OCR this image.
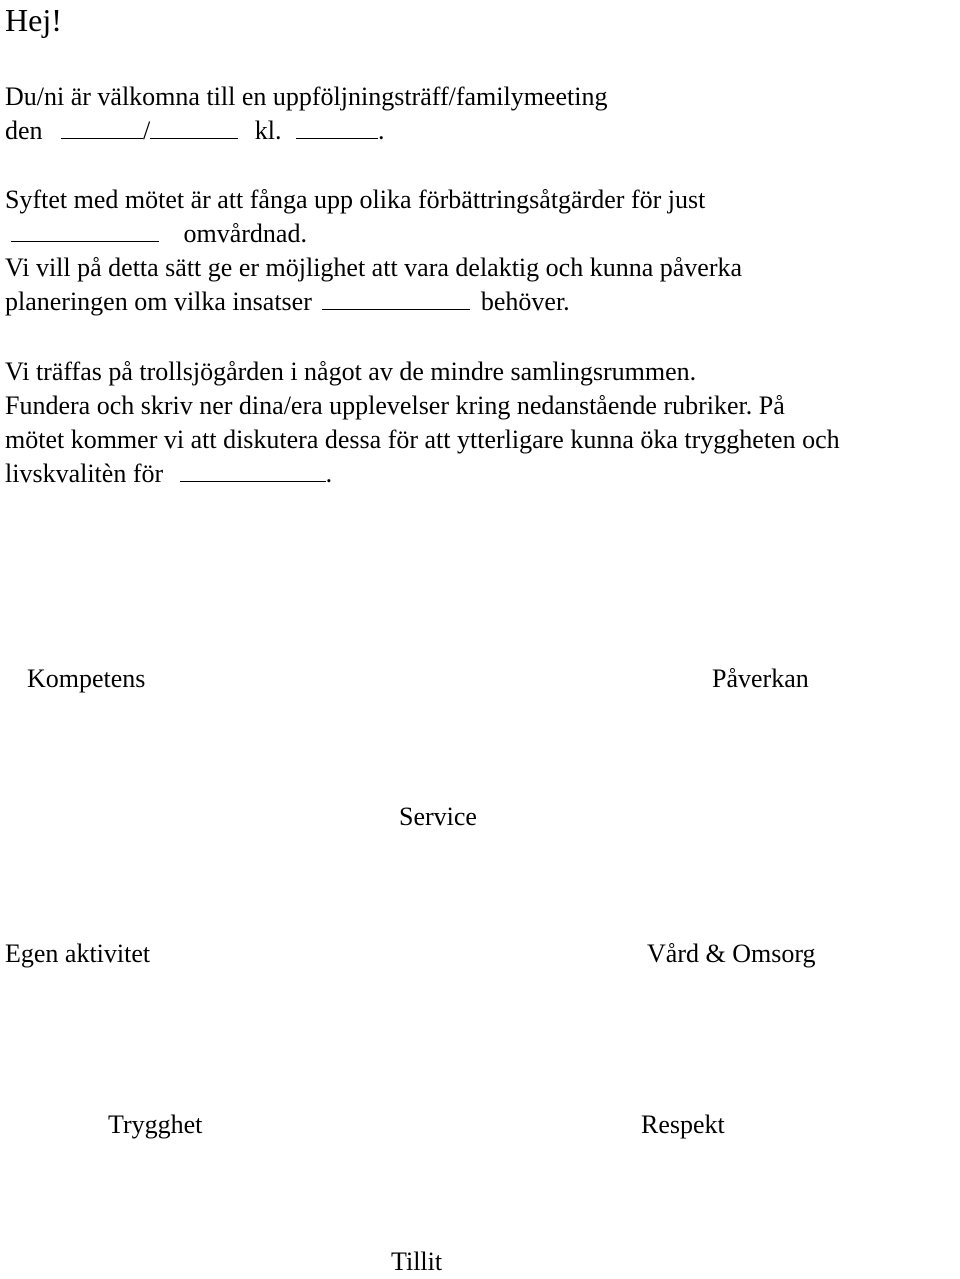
Hej!
Du/ni är välkomna till en uppföljningsträff/familymeeting
den	/	kl.	.
Syftet med mötet är att fånga upp olika förbättringsåtgärder för just
omvårdnad.
Vi vill på detta sätt ge er möjlighet att vara delaktig och kunna påverka
planeringen om vilka insatser	behöver.
Vi träffas på trollsjögården i något av de mindre samlingsrummen.
Fundera och skriv ner dina/era upplevelser kring nedanstående rubriker. På
mötet kommer vi att diskutera dessa för att ytterligare kunna öka tryggheten och
livskvalitèn för	.
Kompetens	Påverkan
Service
Egen aktivitet	Vård & Omsorg
Trygghet	Respekt
Tillit
